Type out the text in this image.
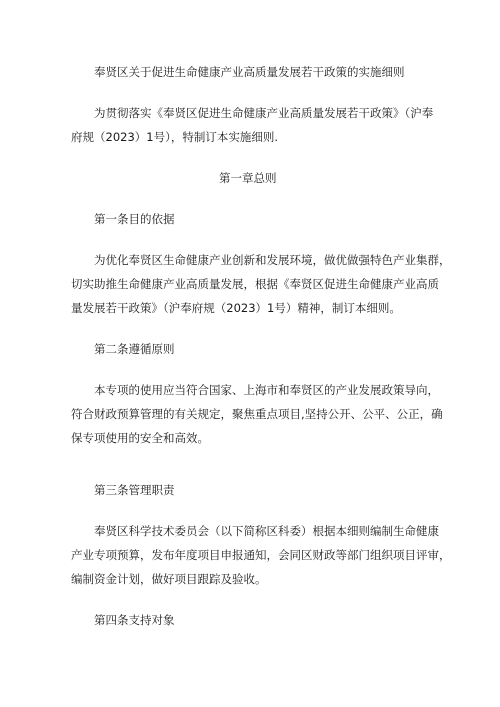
奉贤区关于促进生命健康产业高质量发展若干政策的实施细则
为贯彻落实《奉贤区促进生命健康产业高质量发展若干政策》（沪奉
府规（2023）1号），特制订本实施细则.
第一章总则
第一条目的依据
为优化奉贤区生命健康产业创新和发展环境，做优做强特色产业集群，
切实助推生命健康产业高质量发展，根据《奉贤区促进生命健康产业高质
量发展若干政策》（沪奉府规（2023）1号）精神，制订本细则。
第二条遵循原则
本专项的使用应当符合国家、上海市和奉贤区的产业发展政策导向，
符合财政预算管理的有关规定，聚焦重点项目,坚持公开、公平、公正，确
保专项使用的安全和高效。
第三条管理职责
奉贤区科学技术委员会（以下简称区科委）根据本细则编制生命健康
产业专项预算，发布年度项目申报通知，会同区财政等部门组织项目评审，
编制资金计划，做好项目跟踪及验收。
第四条支持对象
